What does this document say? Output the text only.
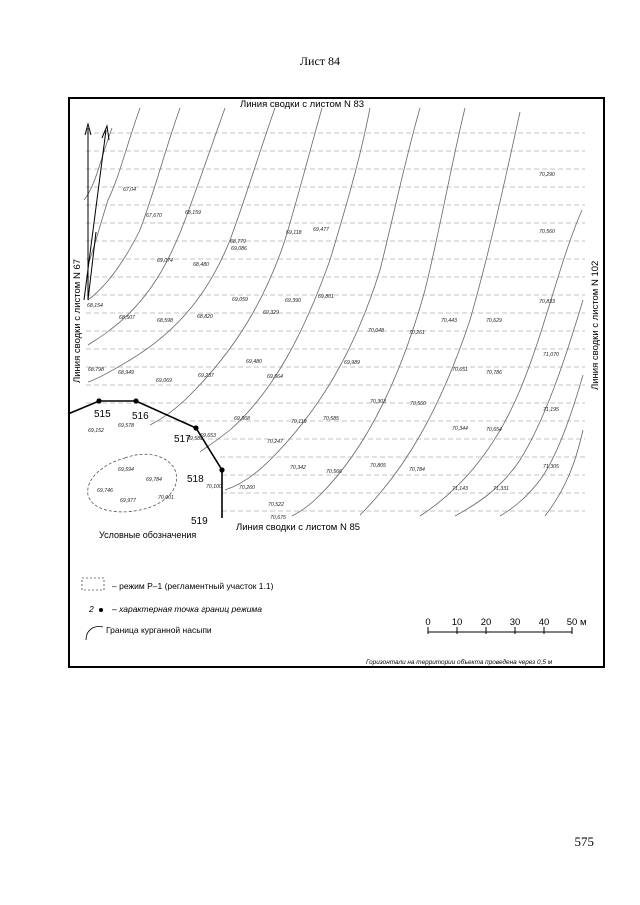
Лист 84
515 516
517
518
519
67,04
67,670	68,159
68,779
69,118 69,477
69,074
69,086
68,480
68,154
69,059	69,390
69,801
68,507	68,598
68,820
69,329
70,048	70,261
70,443	70,629
68,798	68,949
69,069
69,237
69,480
69,664
69,989
70,651	70,786
69,152
69,589
69,653
70,119	70,585
70,303	70,560
70,344	70,654
70,247
70,342
70,566
70,805
70,784
71,143	71,331
69,594
69,784
69,746
69,977	70,001
70,100	70,260
70,522
70,675
70,290
70,560
70,833
71,070
71,195
71,305
69,568
69,578
Линия сводки с листом N 83
Линия сводки с листом N 85
Линия сводки с листом N 67	Линия сводки с листом N 102
Условные обозначения
– режим Р–1 (регламентный участок 1.1)
2 – характерная точка границ режима
Граница курганной насыпи
0 10 20 30 40 50 м
Горизонтали на территории объекта проведена через 0,5 м
575
